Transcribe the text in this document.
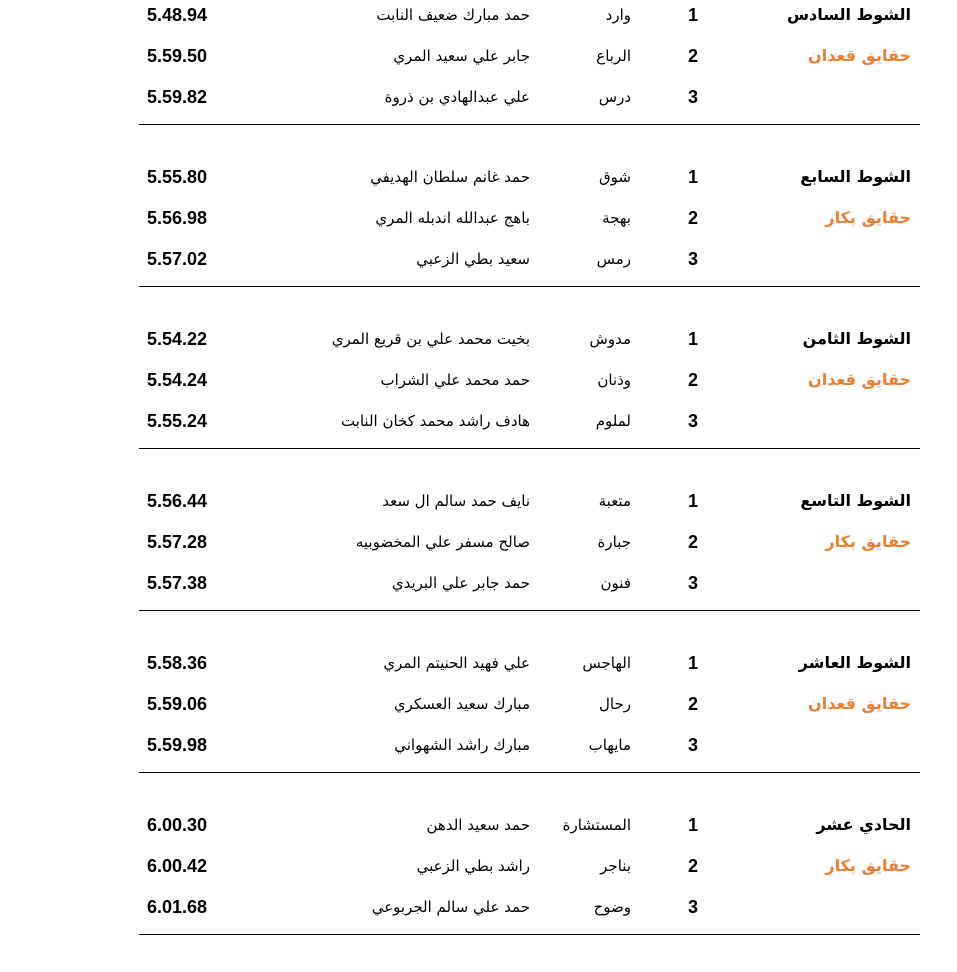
الشوط السادس
1
وارد
حمد مبارك ضعيف النابت
5.48.94
حقايق قعدان
2
الرباع
جابر علي سعيد المري
5.59.50
3
درس
علي عبدالهادي بن ذروة
5.59.82
الشوط السابع
1
شوق
حمد غانم سلطان الهديفي
5.55.80
حقايق بكار
2
بهجة
باهج عبدالله اندبله المري
5.56.98
3
رمس
سعيد بطي الزعبي
5.57.02
الشوط الثامن
1
مدوش
بخيت محمد علي بن قريع المري
5.54.22
حقايق قعدان
2
وذنان
حمد محمد علي الشراب
5.54.24
3
لملوم
هادف راشد محمد كخان النابت
5.55.24
الشوط التاسع
1
متعبة
نايف حمد سالم ال سعد
5.56.44
حقايق بكار
2
جبارة
صالح مسفر علي المخضوبيه
5.57.28
3
فنون
حمد جابر علي البريدي
5.57.38
الشوط العاشر
1
الهاجس
علي فهيد الحنيتم المري
5.58.36
حقايق قعدان
2
رحال
مبارك سعيد العسكري
5.59.06
3
مايهاب
مبارك راشد الشهواني
5.59.98
الحادي عشر
1
المستشارة
حمد سعيد الدهن
6.00.30
حقايق بكار
2
بناجر
راشد بطي الزعبي
6.00.42
3
وضوح
حمد علي سالم الجربوعي
6.01.68
